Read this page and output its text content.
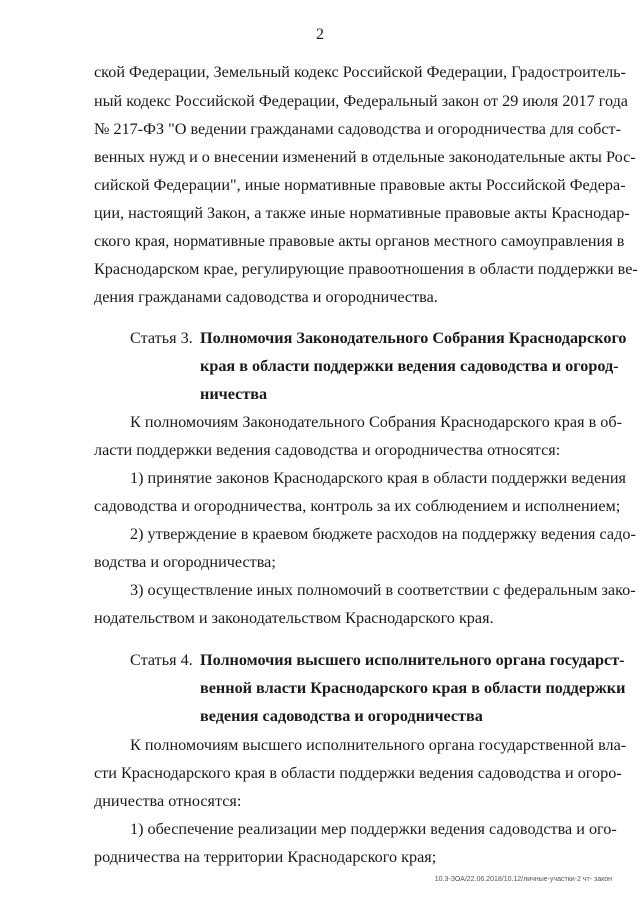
2
ской Федерации, Земельный кодекс Российской Федерации, Градостроитель-
ный кодекс Российской Федерации, Федеральный закон от 29 июля 2017 года
№ 217-ФЗ "О ведении гражданами садоводства и огородничества для собст-
венных нужд и о внесении изменений в отдельные законодательные акты Рос-
сийской Федерации", иные нормативные правовые акты Российской Федера-
ции, настоящий Закон, а также иные нормативные правовые акты Краснодар-
ского края, нормативные правовые акты органов местного самоуправления в
Краснодарском крае, регулирующие правоотношения в области поддержки ве-
дения гражданами садоводства и огородничества.
Статья 3. Полномочия Законодательного Собрания Краснодарского
края в области поддержки ведения садоводства и огород-
ничества
К полномочиям Законодательного Собрания Краснодарского края в об-
ласти поддержки ведения садоводства и огородничества относятся:
1) принятие законов Краснодарского края в области поддержки ведения
садоводства и огородничества, контроль за их соблюдением и исполнением;
2) утверждение в краевом бюджете расходов на поддержку ведения садо-
водства и огородничества;
3) осуществление иных полномочий в соответствии с федеральным зако-
нодательством и законодательством Краснодарского края.
Статья 4. Полномочия высшего исполнительного органа государст-
венной власти Краснодарского края в области поддержки
ведения садоводства и огородничества
К полномочиям высшего исполнительного органа государственной вла-
сти Краснодарского края в области поддержки ведения садоводства и огоро-
дничества относятся:
1) обеспечение реализации мер поддержки ведения садоводства и ого-
родничества на территории Краснодарского края;
10.3-ЗОА/22.06.2018/10.12/личные-участки-2 чт- закон
